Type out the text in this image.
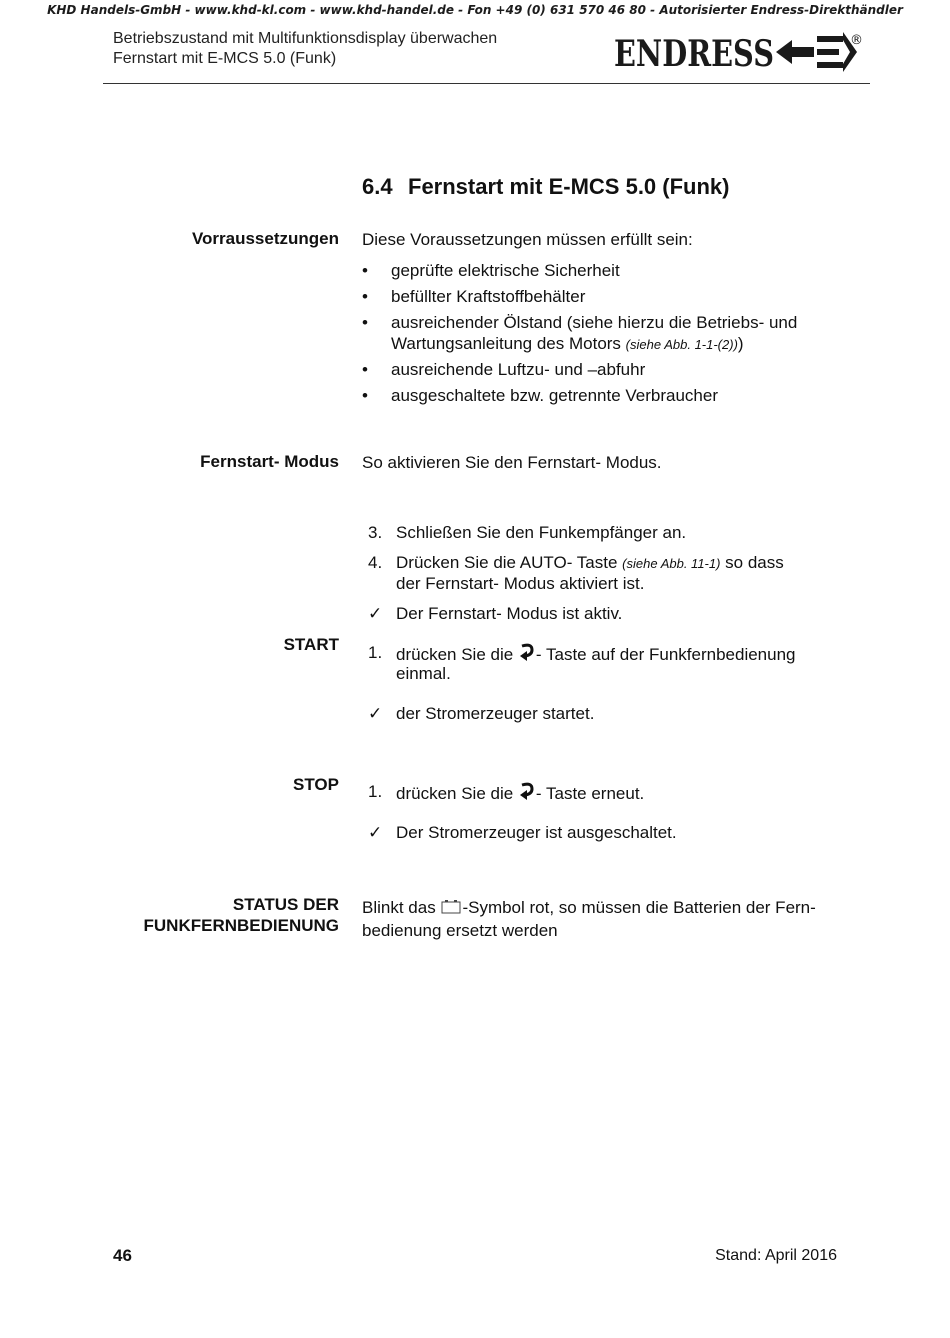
KHD Handels-GmbH - www.khd-kl.com - www.khd-handel.de - Fon +49 (0) 631 570 46 80 - Autorisierter Endress-Direkthändler
Betriebszustand mit Multifunktionsdisplay überwachen
Fernstart mit E-MCS 5.0 (Funk)	ENDRESS	®
6.4 Fernstart mit E-MCS 5.0 (Funk)
Vorraussetzungen Diese Voraussetzungen müssen erfüllt sein:
• geprüfte elektrische Sicherheit
• befüllter Kraftstoffbehälter
• ausreichender Ölstand (siehe hierzu die Betriebs- und
Wartungsanleitung des Motors (siehe Abb. 1-1-(2)))
• ausreichende Luftzu- und –abfuhr
• ausgeschaltete bzw. getrennte Verbraucher
Fernstart- Modus So aktivieren Sie den Fernstart- Modus.
3. Schließen Sie den Funkempfänger an.
4. Drücken Sie die AUTO- Taste (siehe Abb. 11-1) so dass
der Fernstart- Modus aktiviert ist.
✓ Der Fernstart- Modus ist aktiv.
START 1. drücken Sie die - Taste auf der Funkfernbedienung
einmal.
✓ der Stromerzeuger startet.
STOP 1. drücken Sie die - Taste erneut.
✓ Der Stromerzeuger ist ausgeschaltet.
STATUS DER
FUNKFERNBEDIENUNG
Blinkt das -Symbol rot, so müssen die Batterien der Fern-
bedienung ersetzt werden
46	Stand: April 2016
